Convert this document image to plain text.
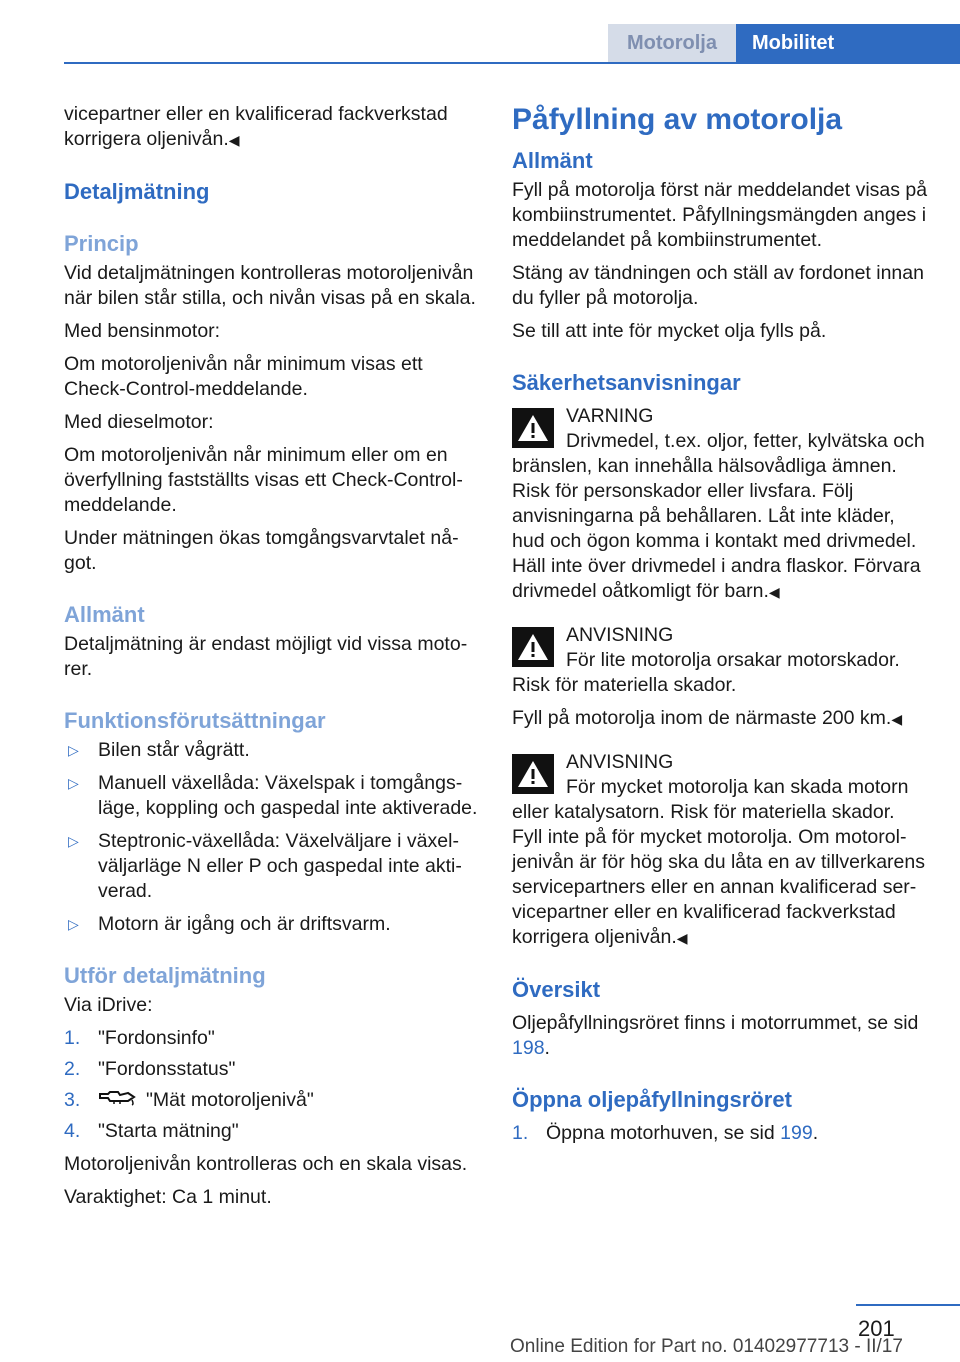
Motorolja	Mobilitet

vicepartner eller en kvalificerad fackverkstad korrigera oljenivån.◀

Detaljmätning
Princip

Vid detaljmätningen kontrolleras motoroljenivån när bilen står stilla, och nivån visas på en skala.

Med bensinmotor:

Om motoroljenivån når minimum visas ett Check-Control-meddelande.

Med dieselmotor:

Om motoroljenivån når minimum eller om en överfyllning fastställts visas ett Check-Control-meddelande.

Under mätningen ökas tomgångsvarvtalet något.

Allmänt

Detaljmätning är endast möjligt vid vissa motorer.

Funktionsförutsättningar
▷ Bilen står vågrätt.
▷ Manuell växellåda: Växelspak i tomgångsläge, koppling och gaspedal inte aktiverade.
▷ Steptronic-växellåda: Växelväljare i växelväljarläge N eller P och gaspedal inte aktiverad.
▷ Motorn är igång och är driftsvarm.
Utför detaljmätning

Via iDrive:

1. "Fordonsinfo"
2. "Fordonsstatus"
3.	"Mät motoroljenivå"
4. "Starta mätning"

Motoroljenivån kontrolleras och en skala visas.

Varaktighet: Ca 1 minut.

Påfyllning av motorolja
Allmänt

Fyll på motorolja först när meddelandet visas på kombiinstrumentet. Påfyllningsmängden anges i meddelandet på kombiinstrumentet.

Stäng av tändningen och ställ av fordonet innan du fyller på motorolja.

Se till att inte för mycket olja fylls på.

Säkerhetsanvisningar
VARNING
Drivmedel, t.ex. oljor, fetter, kylvätska och bränslen, kan innehålla hälsovådliga ämnen. Risk för personskador eller livsfara. Följ anvisningarna på behållaren. Låt inte kläder, hud och ögon komma i kontakt med drivmedel. Häll inte över drivmedel i andra flaskor. Förvara drivmedel oåtkomligt för barn.◀
ANVISNING
För lite motorolja orsakar motorskador. Risk för materiella skador.

Fyll på motorolja inom de närmaste 200 km.◀

ANVISNING
För mycket motorolja kan skada motorn eller katalysatorn. Risk för materiella skador. Fyll inte på för mycket motorolja. Om motoroljenivån är för hög ska du låta en av tillverkarens servicepartners eller en annan kvalificerad servicepartner eller en kvalificerad fackverkstad korrigera oljenivån.◀
Översikt

Oljepåfyllningsröret finns i motorrummet, se sid 198.

Öppna oljepåfyllningsröret
1. Öppna motorhuven, se sid 199.
201
Online Edition for Part no. 01402977713 - II/17
